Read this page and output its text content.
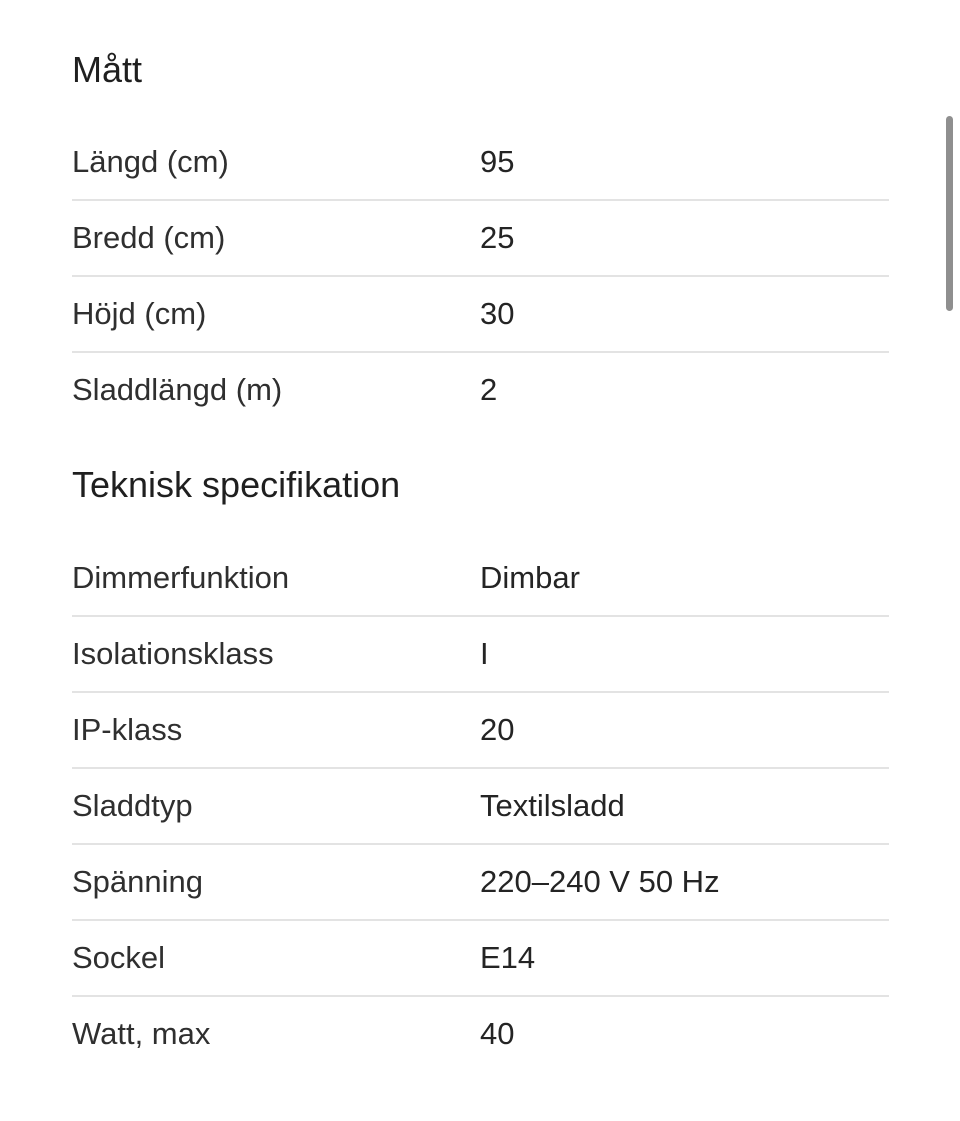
Mått
Längd (cm)	95
Bredd (cm)	25
Höjd (cm)	30
Sladdlängd (m)	2
Teknisk specifikation
Dimmerfunktion	Dimbar
Isolationsklass	I
IP-klass	20
Sladdtyp	Textilsladd
Spänning	220–240 V 50 Hz
Sockel	E14
Watt, max	40
